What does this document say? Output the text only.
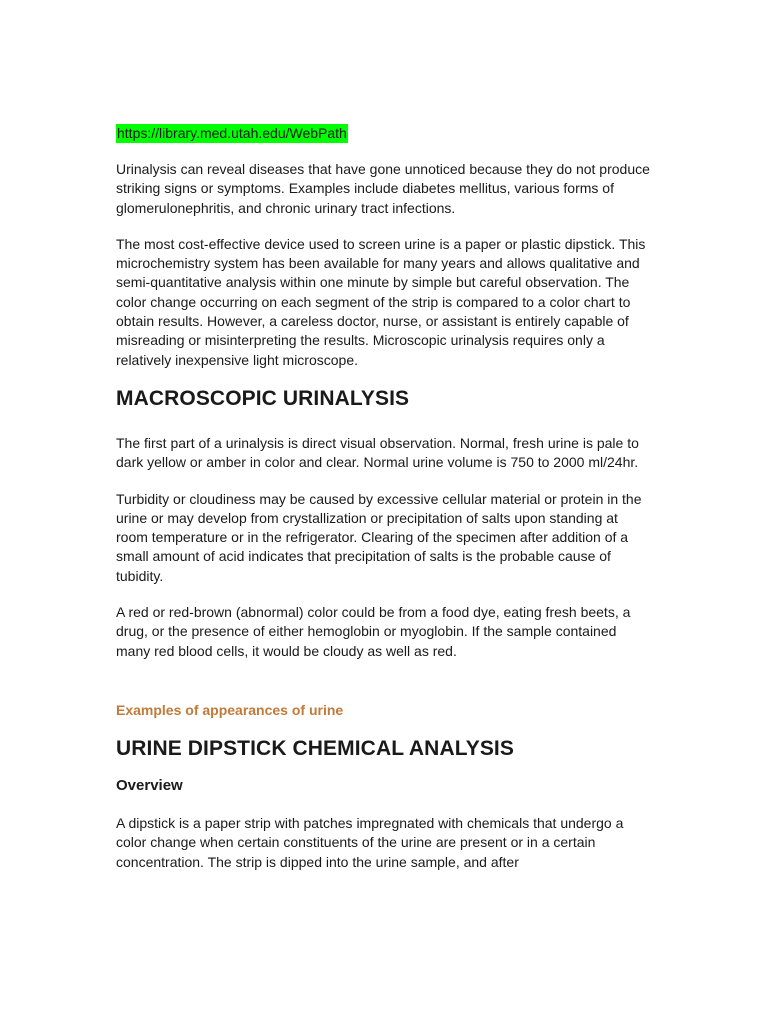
https://library.med.utah.edu/WebPath

Urinalysis can reveal diseases that have gone unnoticed because they do not produce striking signs or symptoms. Examples include diabetes mellitus, various forms of glomerulonephritis, and chronic urinary tract infections.

The most cost-effective device used to screen urine is a paper or plastic dipstick. This microchemistry system has been available for many years and allows qualitative and semi-quantitative analysis within one minute by simple but careful observation. The color change occurring on each segment of the strip is compared to a color chart to obtain results. However, a careless doctor, nurse, or assistant is entirely capable of misreading or misinterpreting the results. Microscopic urinalysis requires only a relatively inexpensive light microscope.

MACROSCOPIC URINALYSIS

The first part of a urinalysis is direct visual observation. Normal, fresh urine is pale to dark yellow or amber in color and clear. Normal urine volume is 750 to 2000 ml/24hr.

Turbidity or cloudiness may be caused by excessive cellular material or protein in the urine or may develop from crystallization or precipitation of salts upon standing at room temperature or in the refrigerator. Clearing of the specimen after addition of a small amount of acid indicates that precipitation of salts is the probable cause of tubidity.

A red or red-brown (abnormal) color could be from a food dye, eating fresh beets, a drug, or the presence of either hemoglobin or myoglobin. If the sample contained many red blood cells, it would be cloudy as well as red.

Examples of appearances of urine
URINE DIPSTICK CHEMICAL ANALYSIS
Overview

A dipstick is a paper strip with patches impregnated with chemicals that undergo a color change when certain constituents of the urine are present or in a certain concentration. The strip is dipped into the urine sample, and after
